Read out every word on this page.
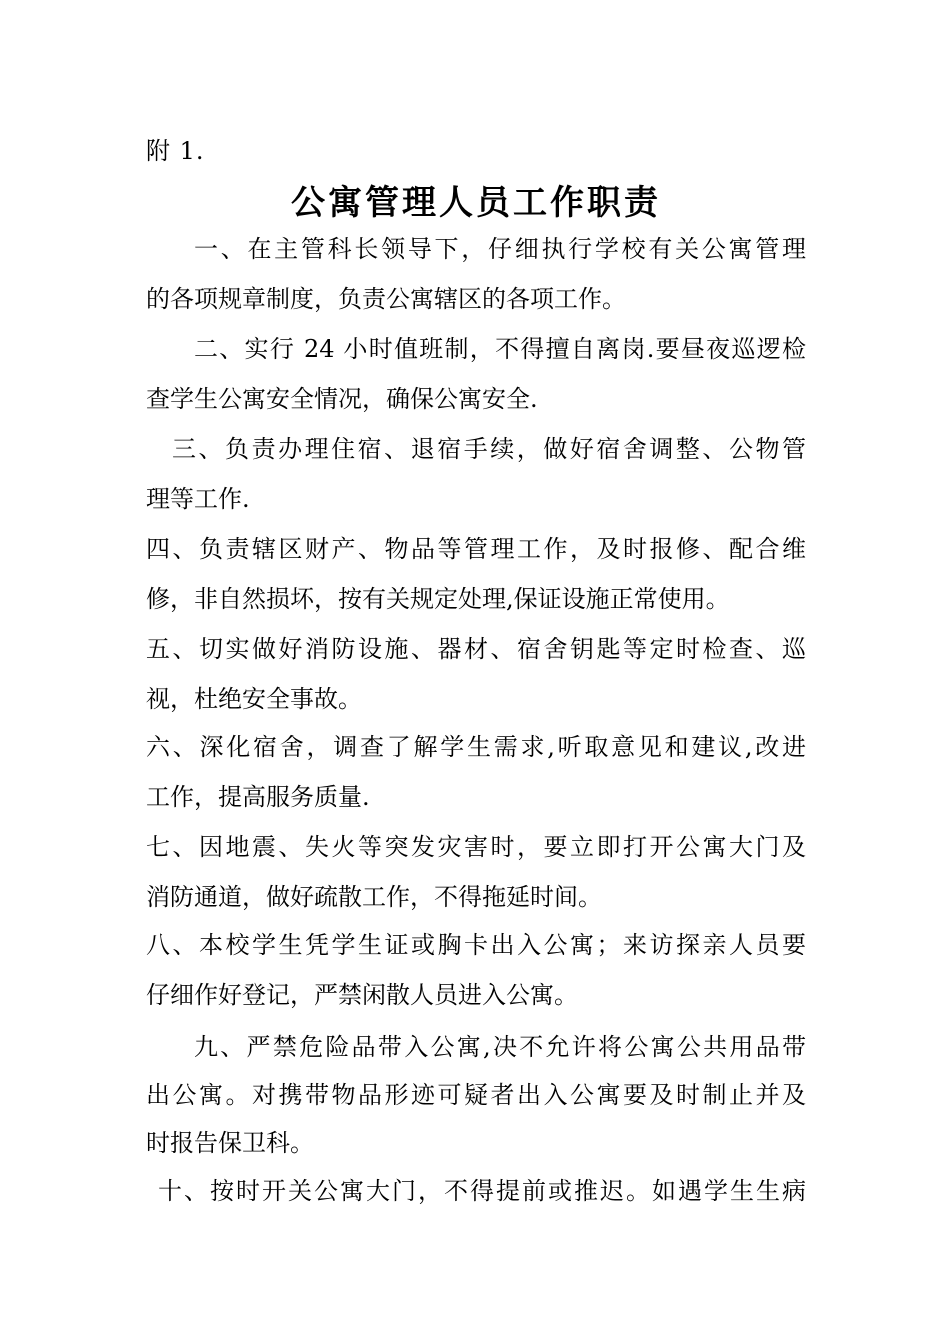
附 1.
公寓管理人员工作职责
一、在主管科长领导下，仔细执行学校有关公寓管理
的各项规章制度，负责公寓辖区的各项工作。
二、实行 24 小时值班制，不得擅自离岗.要昼夜巡逻检
查学生公寓安全情况，确保公寓安全.
三、负责办理住宿、退宿手续，做好宿舍调整、公物管
理等工作.
四、负责辖区财产、物品等管理工作，及时报修、配合维
修，非自然损坏，按有关规定处理,保证设施正常使用。
五、切实做好消防设施、器材、宿舍钥匙等定时检查、巡
视，杜绝安全事故。
六、深化宿舍，调查了解学生需求,听取意见和建议,改进
工作，提高服务质量.
七、因地震、失火等突发灾害时，要立即打开公寓大门及
消防通道，做好疏散工作，不得拖延时间。
八、本校学生凭学生证或胸卡出入公寓；来访探亲人员要
仔细作好登记，严禁闲散人员进入公寓。
九、严禁危险品带入公寓,决不允许将公寓公共用品带
出公寓。对携带物品形迹可疑者出入公寓要及时制止并及
时报告保卫科。
十、按时开关公寓大门，不得提前或推迟。如遇学生生病
